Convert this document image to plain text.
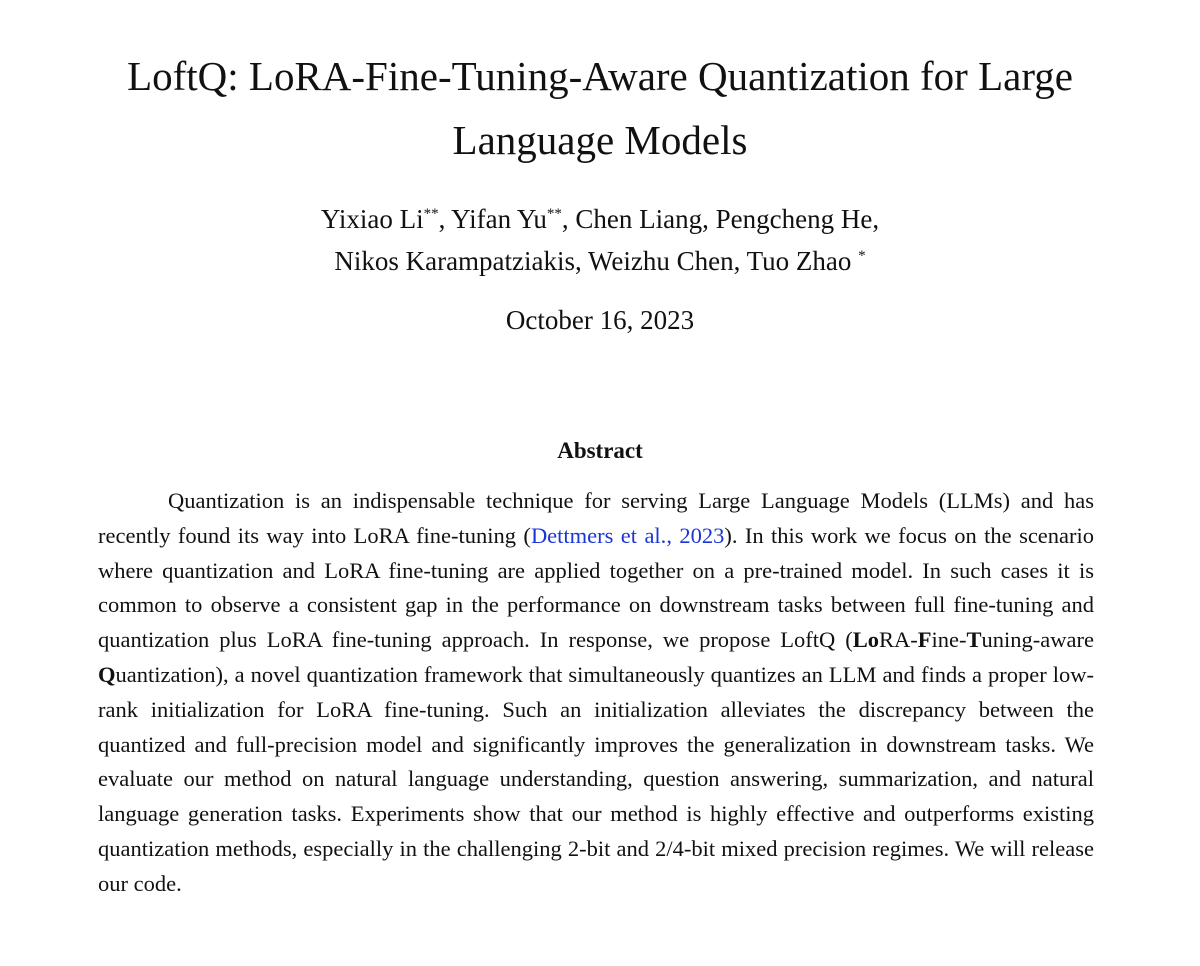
LoftQ: LoRA-Fine-Tuning-Aware Quantization for Large Language Models
Yixiao Li**, Yifan Yu**, Chen Liang, Pengcheng He,
Nikos Karampatziakis, Weizhu Chen, Tuo Zhao *
October 16, 2023
Abstract

Quantization is an indispensable technique for serving Large Language Models (LLMs) and has recently found its way into LoRA fine-tuning (Dettmers et al., 2023). In this work we focus on the scenario where quantization and LoRA fine-tuning are applied together on a pre-trained model. In such cases it is common to observe a consistent gap in the performance on downstream tasks between full fine-tuning and quantization plus LoRA fine-tuning approach. In response, we propose LoftQ (LoRA-Fine-Tuning-aware Quantization), a novel quantization framework that simultaneously quantizes an LLM and finds a proper low-rank initialization for LoRA fine-tuning. Such an initialization alleviates the discrepancy between the quantized and full-precision model and significantly improves the generalization in downstream tasks. We evaluate our method on natural language understanding, question answering, summarization, and natural language generation tasks. Experiments show that our method is highly effective and outperforms existing quantization methods, especially in the challenging 2-bit and 2/4-bit mixed precision regimes. We will release our code.
